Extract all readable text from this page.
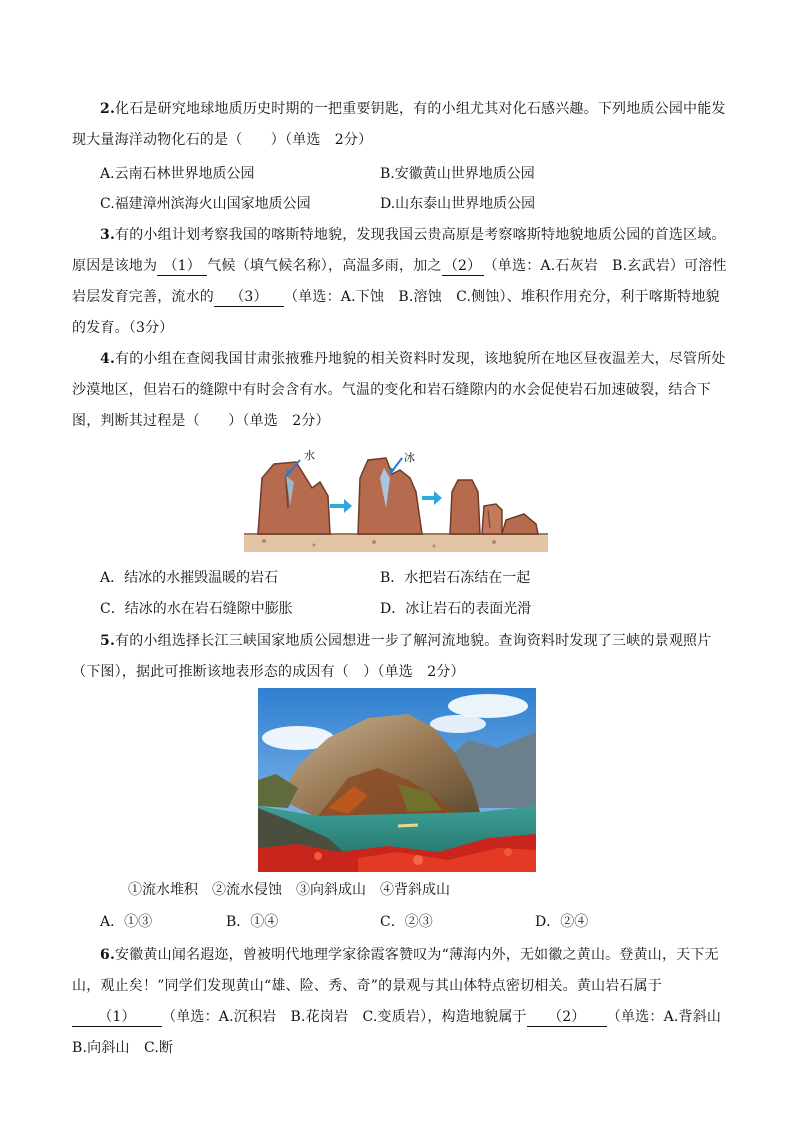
2.化石是研究地球地质历史时期的一把重要钥匙，有的小组尤其对化石感兴趣。下列地质公园中能发现大量海洋动物化石的是（　　）（单选　2分）
A.云南石林世界地质公园	B.安徽黄山世界地质公园
C.福建漳州滨海火山国家地质公园	D.山东泰山世界地质公园
3.有的小组计划考察我国的喀斯特地貌，发现我国云贵高原是考察喀斯特地貌地质公园的首选区域。原因是该地为 （1） 气候（填气候名称），高温多雨，加之 （2） （单选：A.石灰岩　B.玄武岩）可溶性岩层发育完善，流水的 （3） （单选：A.下蚀　B.溶蚀　C.侧蚀）、堆积作用充分，利于喀斯特地貌的发育。（3分）
4.有的小组在查阅我国甘肃张掖雅丹地貌的相关资料时发现，该地貌所在地区昼夜温差大，尽管所处沙漠地区，但岩石的缝隙中有时会含有水。气温的变化和岩石缝隙内的水会促使岩石加速破裂，结合下图，判断其过程是（　　）（单选　2分）
水	冰
A．结冰的水摧毁温暖的岩石	B．水把岩石冻结在一起
C．结冰的水在岩石缝隙中膨胀	D．冰让岩石的表面光滑
5.有的小组选择长江三峡国家地质公园想进一步了解河流地貌。查询资料时发现了三峡的景观照片（下图），据此可推断该地表形态的成因有（　）（单选　2分）
①流水堆积　②流水侵蚀　③向斜成山　④背斜成山
A．①③	B．①④	C．②③	D．②④
6.安徽黄山闻名遐迩，曾被明代地理学家徐霞客赞叹为“薄海内外，无如徽之黄山。登黄山，天下无山，观止矣！”同学们发现黄山“雄、险、秀、奇”的景观与其山体特点密切相关。黄山岩石属于（1） （单选：A.沉积岩　B.花岗岩　C.变质岩），构造地貌属于 （2） （单选：A.背斜山　B.向斜山　C.断
